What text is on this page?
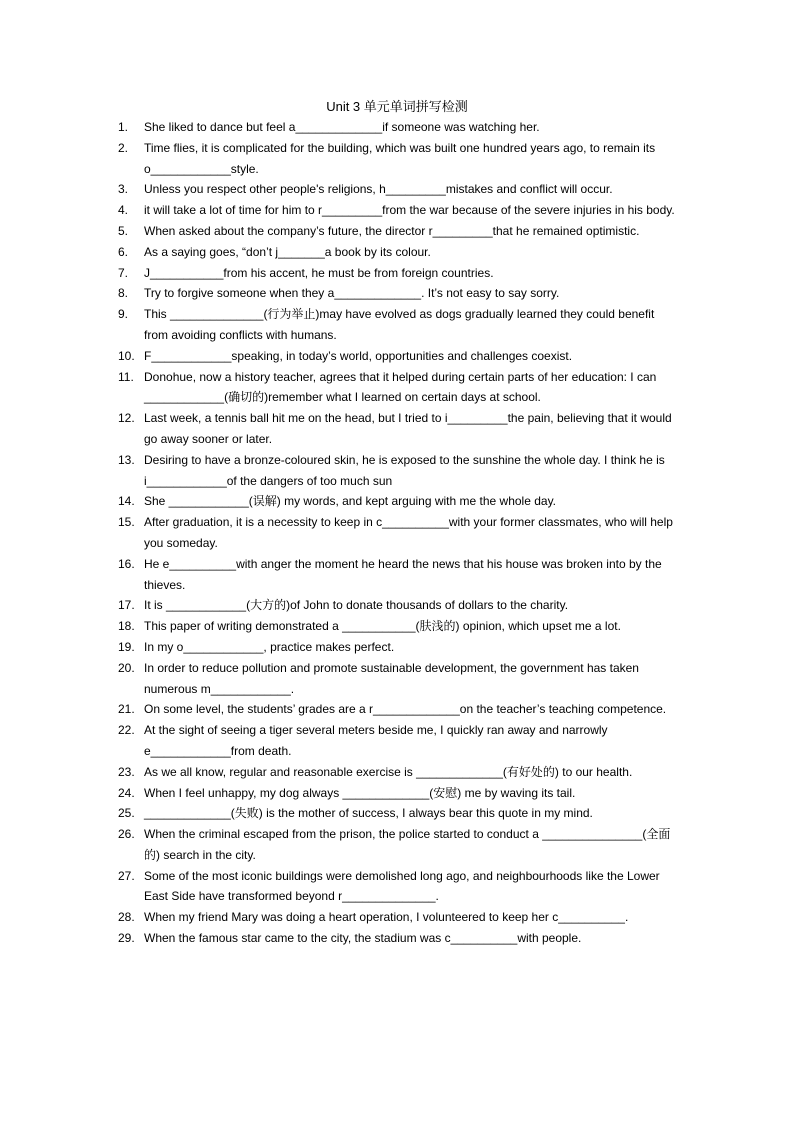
Unit 3 单元单词拼写检测
1.	She liked to dance but feel a_____________if someone was watching her.
2.	Time flies, it is complicated for the building, which was built one hundred years ago, to remain its o____________style.
3.	Unless you respect other people's religions, h_________mistakes and conflict will occur.
4.	it will take a lot of time for him to r_________from the war because of the severe injuries in his body.
5.	When asked about the company’s future, the director r_________that he remained optimistic.
6.	As a saying goes, “don’t j_______a book by its colour.
7.	J___________from his accent, he must be from foreign countries.
8.	Try to forgive someone when they a_____________. It’s not easy to say sorry.
9.	This ______________(行为举止)may have evolved as dogs gradually learned they could benefit from avoiding conflicts with humans.
10. F____________speaking, in today’s world, opportunities and challenges coexist.
11. Donohue, now a history teacher, agrees that it helped during certain parts of her education: I can ____________(确切的)remember what I learned on certain days at school.
12. Last week, a tennis ball hit me on the head, but I tried to i_________the pain, believing that it would go away sooner or later.
13. Desiring to have a bronze-coloured skin, he is exposed to the sunshine the whole day. I think he is i____________of the dangers of too much sun
14. She ____________(误解) my words, and kept arguing with me the whole day.
15. After graduation, it is a necessity to keep in c__________with your former classmates, who will help you someday.
16. He e__________with anger the moment he heard the news that his house was broken into by the thieves.
17. It is ____________(大方的)of John to donate thousands of dollars to the charity.
18. This paper of writing demonstrated a ___________(肤浅的) opinion, which upset me a lot.
19. In my o____________, practice makes perfect.
20. In order to reduce pollution and promote sustainable development, the government has taken numerous m____________.
21. On some level, the students’ grades are a r_____________on the teacher’s teaching competence.
22. At the sight of seeing a tiger several meters beside me, I quickly ran away and narrowly e____________from death.
23. As we all know, regular and reasonable exercise is _____________(有好处的) to our health.
24. When I feel unhappy, my dog always _____________(安慰) me by waving its tail.
25. _____________(失败) is the mother of success, I always bear this quote in my mind.
26. When the criminal escaped from the prison, the police started to conduct a _______________(全面的) search in the city.
27. Some of the most iconic buildings were demolished long ago, and neighbourhoods like the Lower East Side have transformed beyond r______________.
28. When my friend Mary was doing a heart operation, I volunteered to keep her c__________.
29. When the famous star came to the city, the stadium was c__________with people.
